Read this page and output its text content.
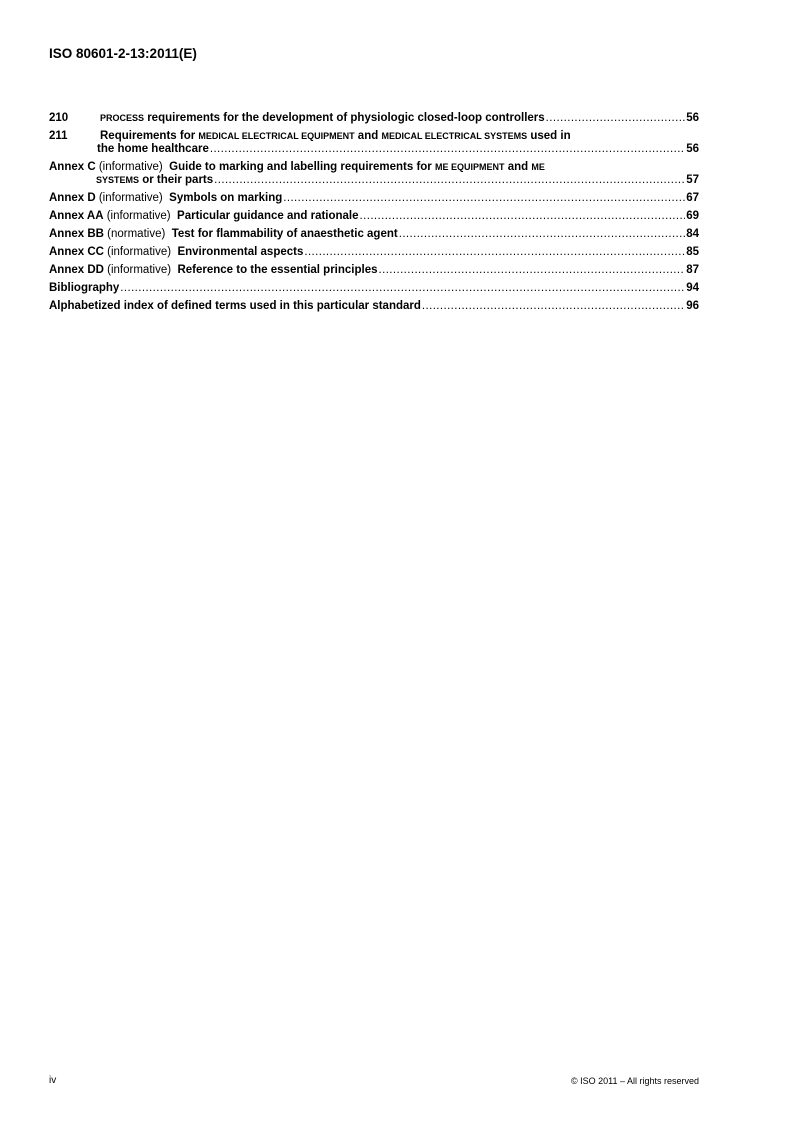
ISO 80601-2-13:2011(E)
210	PROCESS requirements for the development of physiologic closed-loop controllers .....	56
211	Requirements for MEDICAL ELECTRICAL EQUIPMENT and MEDICAL ELECTRICAL SYSTEMS used in
the home healthcare .....	56
Annex C (informative) Guide to marking and labelling requirements for ME EQUIPMENT and ME
SYSTEMS or their parts .....	57
Annex D (informative) Symbols on marking .....	67
Annex AA (informative) Particular guidance and rationale .....	69
Annex BB (normative) Test for flammability of anaesthetic agent .....	84
Annex CC (informative) Environmental aspects .....	85
Annex DD (informative) Reference to the essential principles .....	87
Bibliography .....	94
Alphabetized index of defined terms used in this particular standard .....	96
iv	© ISO 2011 – All rights reserved
